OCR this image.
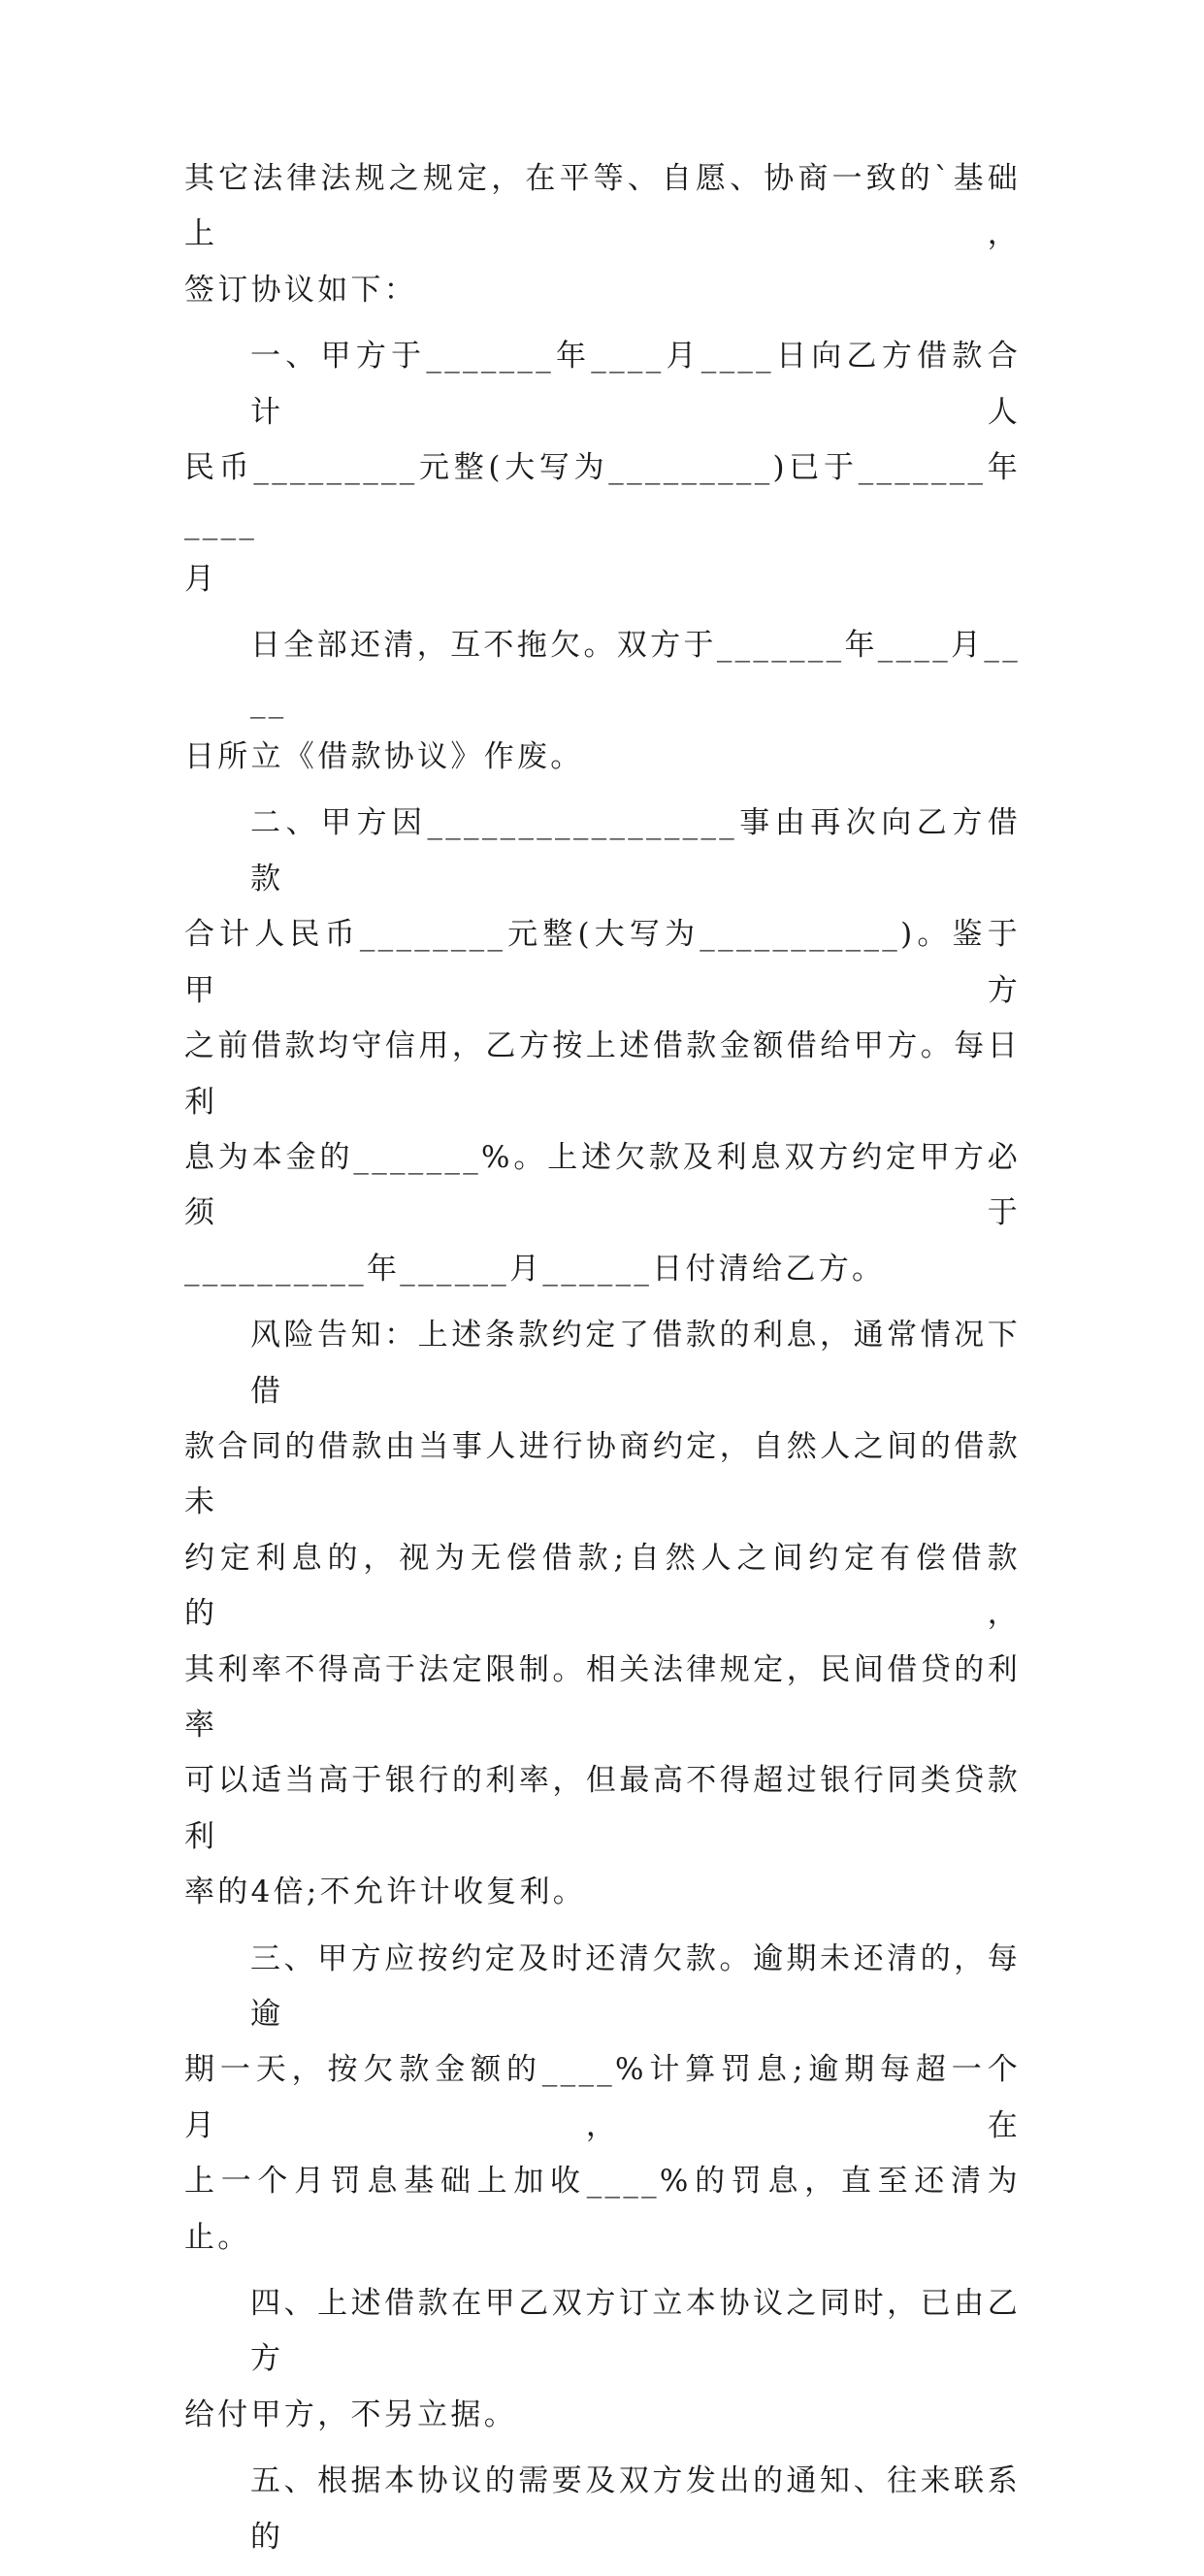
其它法律法规之规定，在平等、自愿、协商一致的`基础上，
签订协议如下：

一、甲方于_______年____月____日向乙方借款合计人
民币_________元整(大写为_________)已于_______年____
月

日全部还清，互不拖欠。双方于_______年____月____
日所立《借款协议》作废。

二、甲方因_________________事由再次向乙方借款
合计人民币________元整(大写为___________)。鉴于甲方
之前借款均守信用，乙方按上述借款金额借给甲方。每日利
息为本金的_______%。上述欠款及利息双方约定甲方必须于
__________年______月______日付清给乙方。

风险告知：上述条款约定了借款的利息，通常情况下借
款合同的借款由当事人进行协商约定，自然人之间的借款未
约定利息的，视为无偿借款;自然人之间约定有偿借款的，
其利率不得高于法定限制。相关法律规定，民间借贷的利率
可以适当高于银行的利率，但最高不得超过银行同类贷款利
率的4倍;不允许计收复利。

三、甲方应按约定及时还清欠款。逾期未还清的，每逾
期一天，按欠款金额的____%计算罚息;逾期每超一个月，在
上一个月罚息基础上加收____%的罚息，直至还清为止。

四、上述借款在甲乙双方订立本协议之同时，已由乙方
给付甲方，不另立据。

五、根据本协议的需要及双方发出的通知、往来联系的
